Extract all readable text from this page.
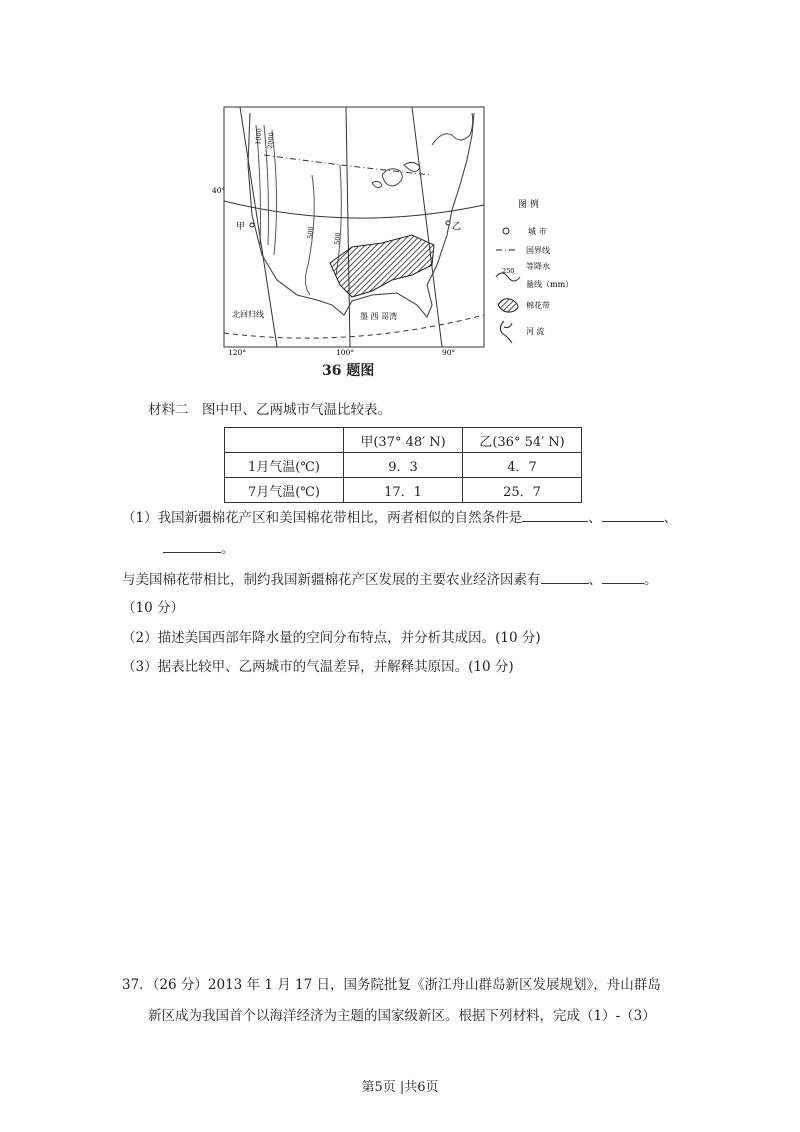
甲	乙
北回归线	墨 西 哥湾
1000 2000
500	500
40°
120°	100°	90°
图 例
城 市
国界线
等降水
250
量线（mm）
棉花带
河 流
36 题图
材料二　图中甲、乙两城市气温比较表。
	甲(37° 48′ N)	乙(36° 54′ N)
1月气温(℃)	9．3	4．7
7月气温(℃)	17．1	25．7
（1）我国新疆棉花产区和美国棉花带相比，两者相似的自然条件是	、	、
。
与美国棉花带相比，制约我国新疆棉花产区发展的主要农业经济因素有	、	。
（10 分）
（2）描述美国西部年降水量的空间分布特点，并分析其成因。(10 分)
（3）据表比较甲、乙两城市的气温差异，并解释其原因。(10 分)
37．（26 分）2013 年 1 月 17 日，国务院批复《浙江舟山群岛新区发展规划》，舟山群岛
新区成为我国首个以海洋经济为主题的国家级新区。根据下列材料，完成（1）-（3）
第5页 |共6页
